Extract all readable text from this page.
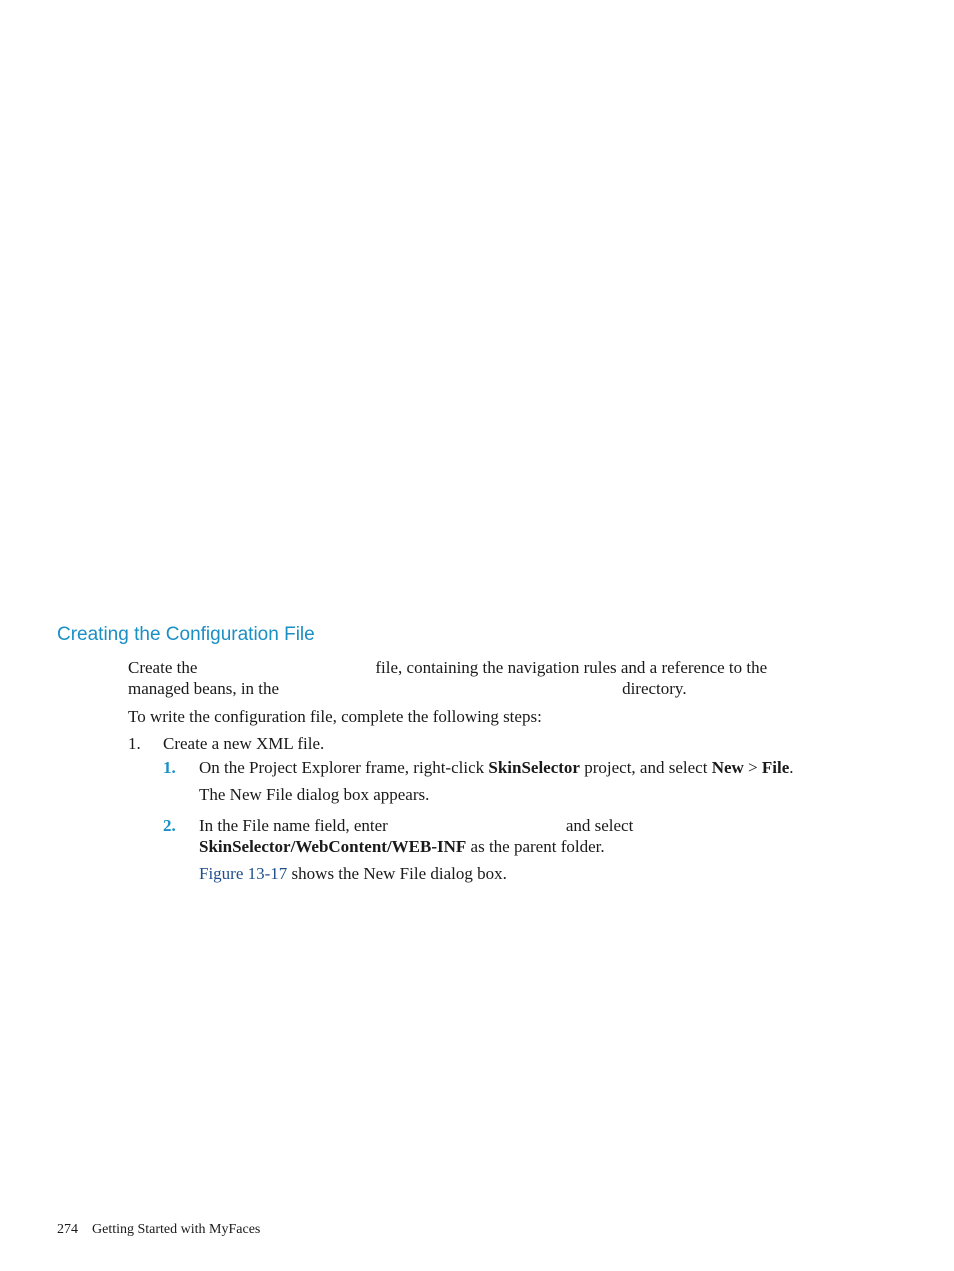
Creating the Configuration File

Create the	file, containing the navigation rules and a reference to the

managed beans, in the	directory.

To write the configuration file, complete the following steps:

1. Create a new XML file.

1. On the Project Explorer frame, right-click SkinSelector project, and select New > File.

The New File dialog box appears.

2. In the File name field, enter	and select

SkinSelector/WebContent/WEB-INF as the parent folder.

Figure 13-17 shows the New File dialog box.

274 Getting Started with MyFaces
